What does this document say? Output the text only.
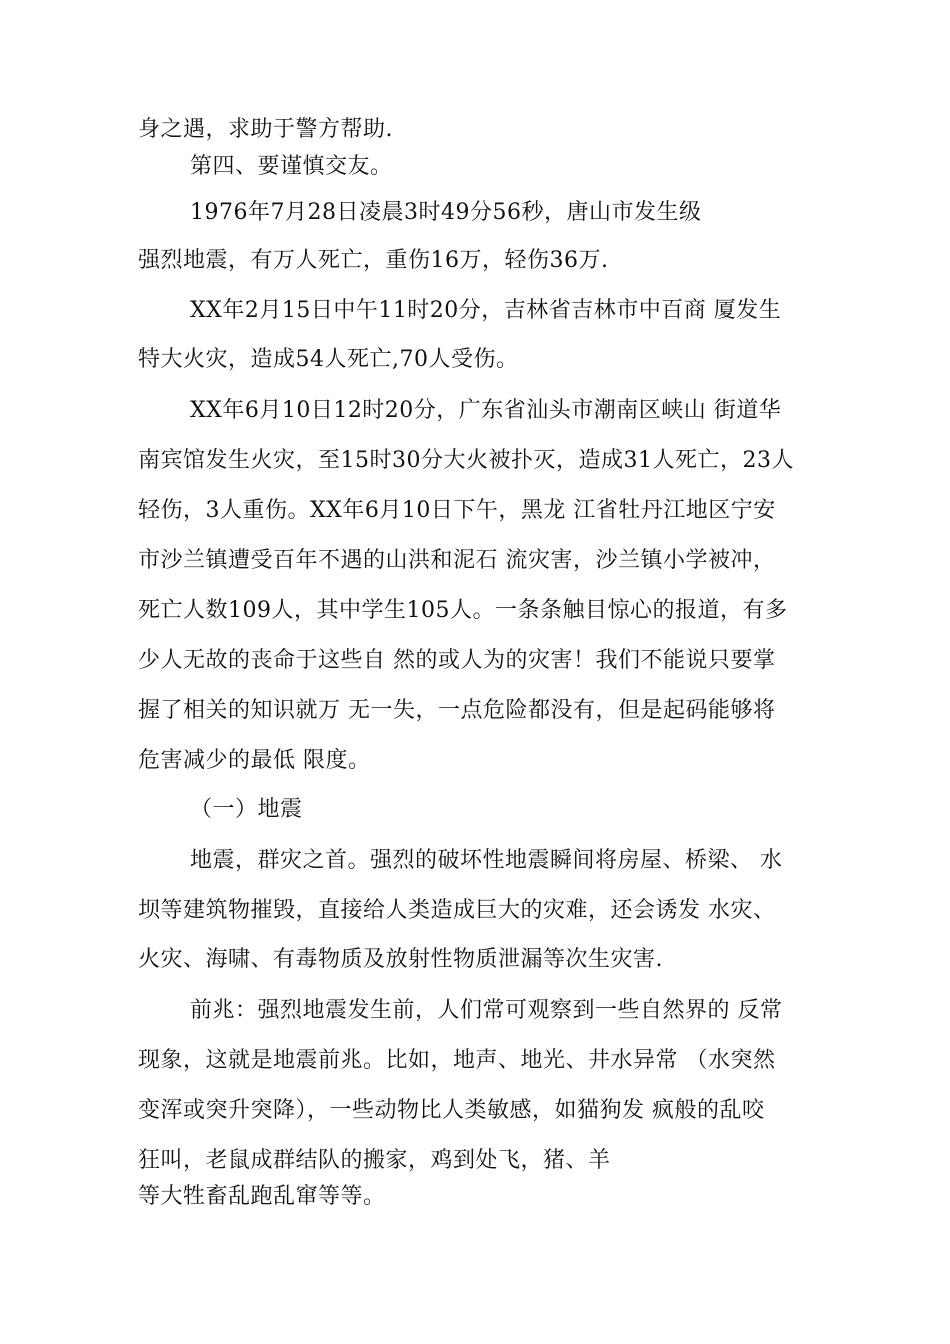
身之遇，求助于警方帮助.
第四、要谨慎交友。
1976年7月28日凌晨3时49分56秒，唐山市发生级
强烈地震，有万人死亡，重伤16万，轻伤36万.
XX年2月15日中午11时20分，吉林省吉林市中百商 厦发生
特大火灾，造成54人死亡,70人受伤。
XX年6月10日12时20分，广东省汕头市潮南区峡山 街道华
南宾馆发生火灾，至15时30分大火被扑灭，造成31人死亡，23人
轻伤，3人重伤。XX年6月10日下午，黑龙 江省牡丹江地区宁安
市沙兰镇遭受百年不遇的山洪和泥石 流灾害，沙兰镇小学被冲，
死亡人数109人，其中学生105人。一条条触目惊心的报道，有多
少人无故的丧命于这些自 然的或人为的灾害！我们不能说只要掌
握了相关的知识就万 无一失，一点危险都没有，但是起码能够将
危害减少的最低 限度。
（一）地震
地震，群灾之首。强烈的破坏性地震瞬间将房屋、桥梁、 水
坝等建筑物摧毁，直接给人类造成巨大的灾难，还会诱发 水灾、
火灾、海啸、有毒物质及放射性物质泄漏等次生灾害.
前兆：强烈地震发生前，人们常可观察到一些自然界的 反常
现象，这就是地震前兆。比如，地声、地光、井水异常 （水突然
变浑或突升突降），一些动物比人类敏感，如猫狗发 疯般的乱咬
狂叫，老鼠成群结队的搬家，鸡到处飞，猪、羊
等大牲畜乱跑乱窜等等。
